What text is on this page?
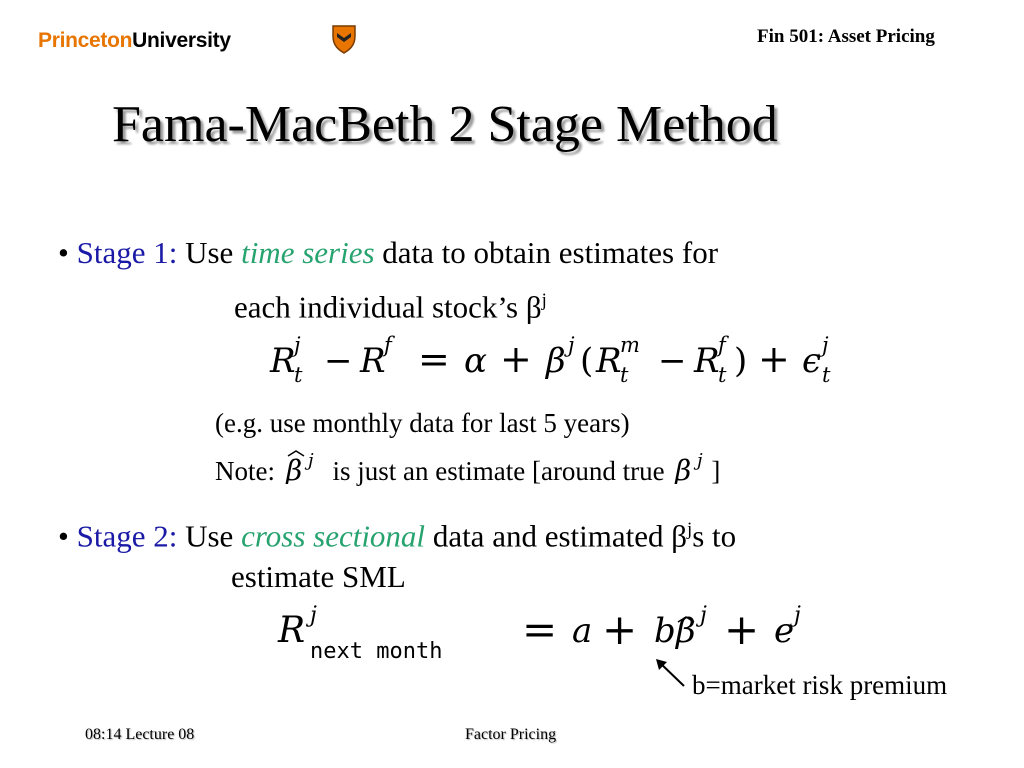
PrincetonUniversity	Fin 501: Asset Pricing
Fama-MacBeth 2 Stage Method
• Stage 1: Use time series data to obtain estimates for
each individual stock’s $\beta^j$
R
j
t − R
f = α + β j ( R
m
t − R
f
t ) + ϵ j
t
(e.g. use monthly data for last 5 years)
Note: β j is just an estimate [around true β j ]
• Stage 2: Use cross sectional data and estimated $\beta^js$ to
estimate SML
R j
next month = a + b β j + e j
b=market risk premium
08:14 Lecture 08	Factor Pricing
